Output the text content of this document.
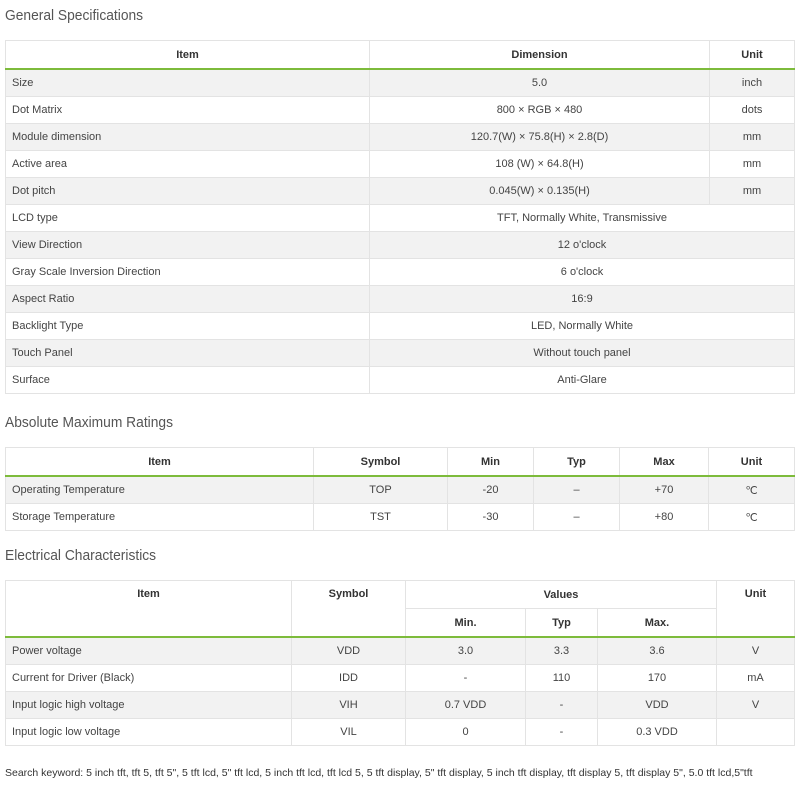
General Specifications
Item	Dimension	Unit
Size	5.0	inch
Dot Matrix	800 × RGB × 480	dots
Module dimension	120.7(W) × 75.8(H) × 2.8(D)	mm
Active area	108 (W) × 64.8(H)	mm
Dot pitch	0.045(W) × 0.135(H)	mm
LCD type	TFT, Normally White, Transmissive	
View Direction	12 o'clock	
Gray Scale Inversion Direction	6 o'clock	
Aspect Ratio	16:9	
Backlight Type	LED, Normally White	
Touch Panel	Without touch panel	
Surface	Anti-Glare	
Absolute Maximum Ratings
Item	Symbol	Min	Typ	Max	Unit
Operating Temperature	TOP	-20	–	+70	℃
Storage Temperature	TST	-30	–	+80	℃
Electrical Characteristics
Item	Symbol	Values			Unit
		Min.	Typ	Max.	
Power voltage	VDD	3.0	3.3	3.6	V
Current for Driver (Black)	IDD	-	110	170	mA
Input logic high voltage	VIH	0.7 VDD	-	VDD	V
Input logic low voltage	VIL	0	-	0.3 VDD	
Search keyword: 5 inch tft, tft 5, tft 5", 5 tft lcd, 5" tft lcd, 5 inch tft lcd, tft lcd 5, 5 tft display, 5" tft display, 5 inch tft display, tft display 5, tft display 5", 5.0 tft lcd,5"tft
